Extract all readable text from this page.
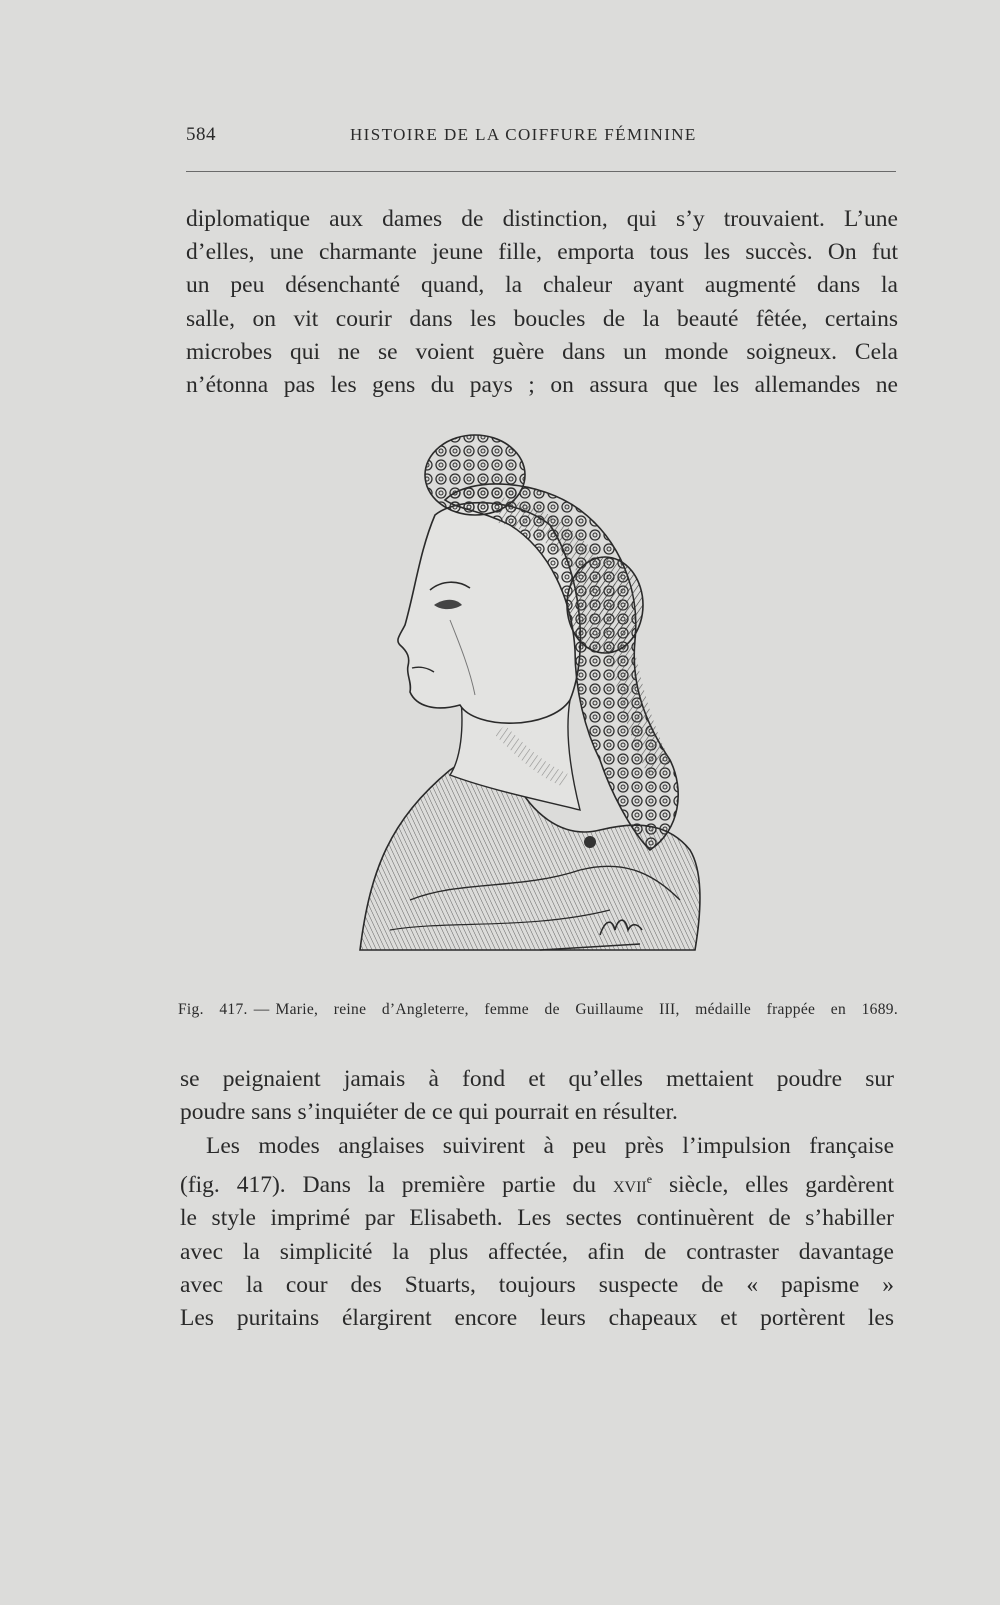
584	HISTOIRE DE LA COIFFURE FÉMININE

diplomatique aux dames de distinction, qui s’y trouvaient. L’une
d’elles, une charmante jeune fille, emporta tous les succès. On fut
un peu désenchanté quand, la chaleur ayant augmenté dans la
salle, on vit courir dans les boucles de la beauté fêtée, certains
microbes qui ne se voient guère dans un monde soigneux. Cela
n’étonna pas les gens du pays ; on assura que les allemandes ne

Fig. 417. — Marie, reine d’Angleterre, femme de Guillaume III, médaille frappée en 1689.

se peignaient jamais à fond et qu’elles mettaient poudre sur
poudre sans s’inquiéter de ce qui pourrait en résulter.

Les modes anglaises suivirent à peu près l’impulsion française
(fig. 417). Dans la première partie du xvii$^e$ siècle, elles gardèrent
le style imprimé par Elisabeth. Les sectes continuèrent de s’habiller
avec la simplicité la plus affectée, afin de contraster davantage
avec la cour des Stuarts, toujours suspecte de « papisme »
Les puritains élargirent encore leurs chapeaux et portèrent les
